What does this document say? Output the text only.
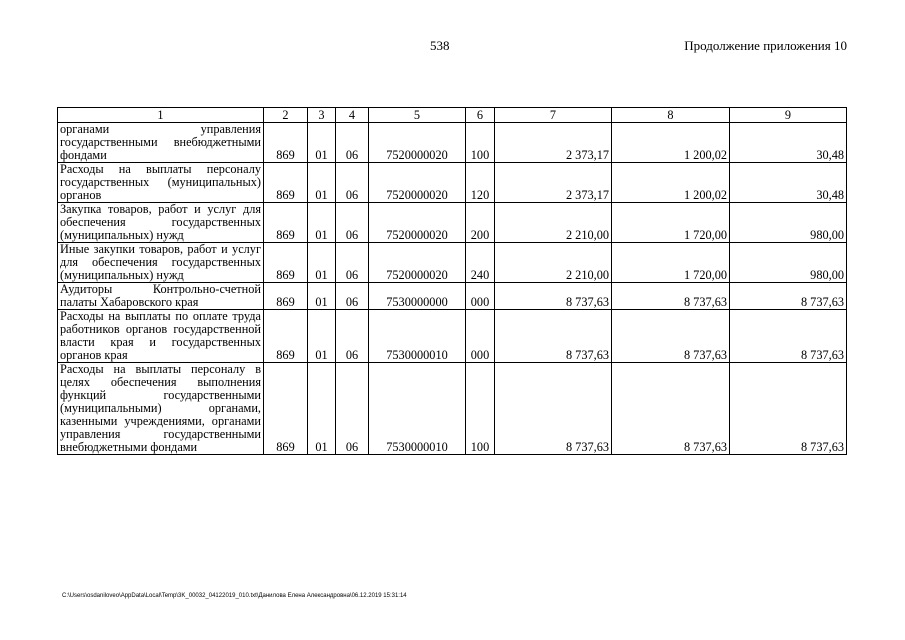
538	Продолжение приложения 10
1	2	3	4	5	6	7	8	9
органами управления государственными внебюджетными фондами	869	01	06	7520000020	100	2 373,17	1 200,02	30,48
Расходы на выплаты персоналу государственных (муниципальных) органов	869	01	06	7520000020	120	2 373,17	1 200,02	30,48
Закупка товаров, работ и услуг для обеспечения государственных (муниципальных) нужд	869	01	06	7520000020	200	2 210,00	1 720,00	980,00
Иные закупки товаров, работ и услуг для обеспечения государственных (муниципальных) нужд	869	01	06	7520000020	240	2 210,00	1 720,00	980,00
Аудиторы Контрольно-счетной палаты Хабаровского края	869	01	06	7530000000	000	8 737,63	8 737,63	8 737,63
Расходы на выплаты по оплате труда работников органов государственной власти края и государственных органов края	869	01	06	7530000010	000	8 737,63	8 737,63	8 737,63
Расходы на выплаты персоналу в целях обеспечения выполнения функций государственными (муниципальными) органами, казенными учреждениями, органами управления государственными внебюджетными фондами	869	01	06	7530000010	100	8 737,63	8 737,63	8 737,63
C:\Users\osdaniloveo\AppData\Local\Temp\3K_00032_04122019_010.txt\Данилова Елена Александровна\06.12.2019 15:31:14
